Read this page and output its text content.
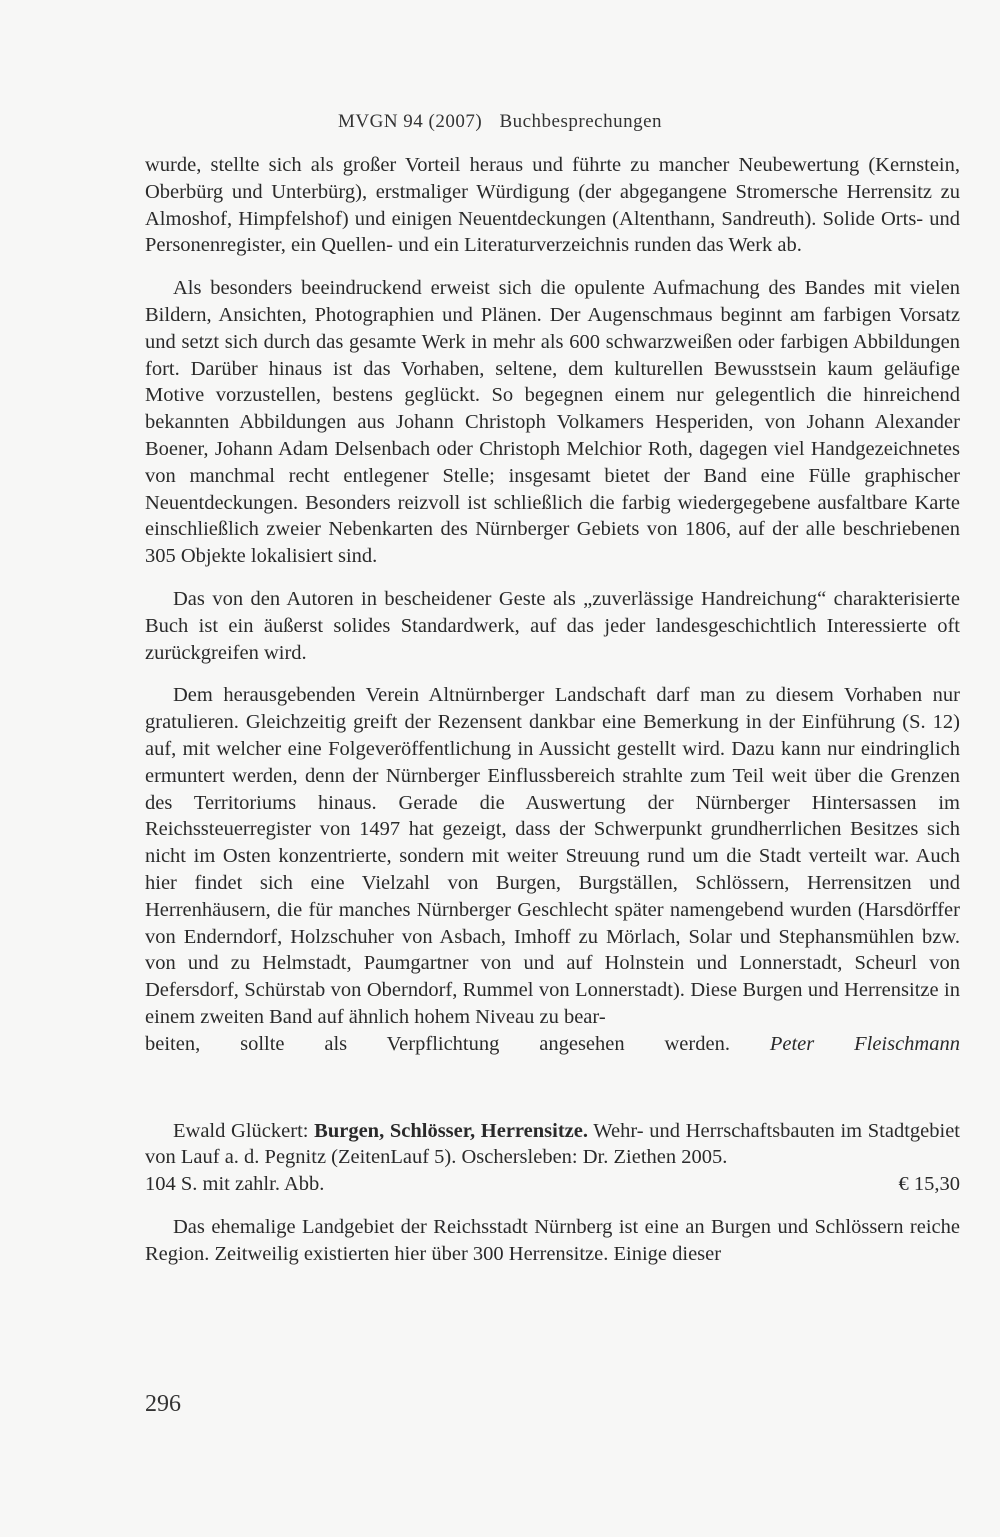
MVGN 94 (2007) Buchbesprechungen

wurde, stellte sich als großer Vorteil heraus und führte zu mancher Neubewertung (Kernstein, Oberbürg und Unterbürg), erstmaliger Würdigung (der abgegangene Stromersche Herrensitz zu Almoshof, Himpfelshof) und einigen Neuentdeckungen (Altenthann, Sandreuth). Solide Orts- und Personenregister, ein Quellen- und ein Literaturverzeichnis runden das Werk ab.

Als besonders beeindruckend erweist sich die opulente Aufmachung des Bandes mit vielen Bildern, Ansichten, Photographien und Plänen. Der Augenschmaus beginnt am farbigen Vorsatz und setzt sich durch das gesamte Werk in mehr als 600 schwarzweißen oder farbigen Abbildungen fort. Darüber hinaus ist das Vorhaben, seltene, dem kulturellen Bewusstsein kaum geläufige Motive vorzustellen, bestens geglückt. So begegnen einem nur gelegentlich die hinreichend bekannten Abbildungen aus Johann Christoph Volkamers Hesperiden, von Johann Alexander Boener, Johann Adam Delsenbach oder Christoph Melchior Roth, dagegen viel Handgezeichnetes von manchmal recht entlegener Stelle; insgesamt bietet der Band eine Fülle graphischer Neuentdeckungen. Besonders reizvoll ist schließlich die farbig wiedergegebene ausfaltbare Karte einschließlich zweier Nebenkarten des Nürnberger Gebiets von 1806, auf der alle beschriebenen 305 Objekte lokalisiert sind.

Das von den Autoren in bescheidener Geste als „zuverlässige Handreichung“ charakterisierte Buch ist ein äußerst solides Standardwerk, auf das jeder landesgeschichtlich Interessierte oft zurückgreifen wird.

Dem herausgebenden Verein Altnürnberger Landschaft darf man zu diesem Vorhaben nur gratulieren. Gleichzeitig greift der Rezensent dankbar eine Bemerkung in der Einführung (S. 12) auf, mit welcher eine Folgeveröffentlichung in Aussicht gestellt wird. Dazu kann nur eindringlich ermuntert werden, denn der Nürnberger Einflussbereich strahlte zum Teil weit über die Grenzen des Territoriums hinaus. Gerade die Auswertung der Nürnberger Hintersassen im Reichssteuerregister von 1497 hat gezeigt, dass der Schwerpunkt grundherrlichen Besitzes sich nicht im Osten konzentrierte, sondern mit weiter Streuung rund um die Stadt verteilt war. Auch hier findet sich eine Vielzahl von Burgen, Burgställen, Schlössern, Herrensitzen und Herrenhäusern, die für manches Nürnberger Geschlecht später namengebend wurden (Harsdörffer von Enderndorf, Holzschuher von Asbach, Imhoff zu Mörlach, Solar und Stephansmühlen bzw. von und zu Helmstadt, Paumgartner von und auf Holnstein und Lonnerstadt, Scheurl von Defersdorf, Schürstab von Oberndorf, Rummel von Lonnerstadt). Diese Burgen und Herrensitze in einem zweiten Band auf ähnlich hohem Niveau zu bear-

beiten, sollte als Verpflichtung angesehen werden. Peter Fleischmann

Ewald Glückert: Burgen, Schlösser, Herrensitze. Wehr- und Herrschaftsbauten im Stadtgebiet von Lauf a. d. Pegnitz (ZeitenLauf 5). Oschersleben: Dr. Ziethen 2005.

104 S. mit zahlr. Abb.	€ 15,30

Das ehemalige Landgebiet der Reichsstadt Nürnberg ist eine an Burgen und Schlössern reiche Region. Zeitweilig existierten hier über 300 Herrensitze. Einige dieser

296
